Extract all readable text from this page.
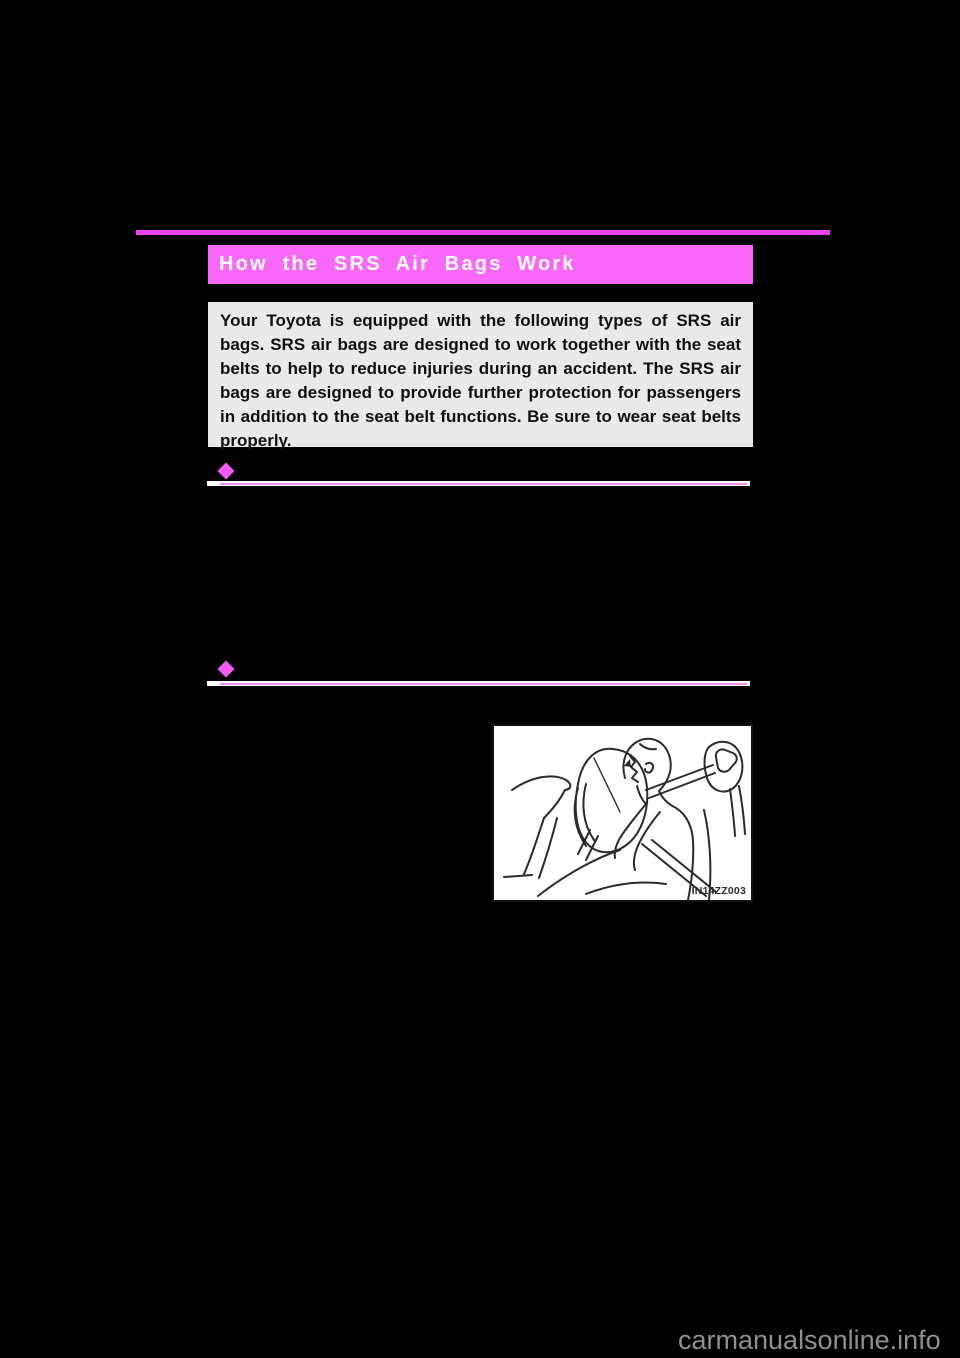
How the SRS Air Bags Work

Your Toyota is equipped with the following types of SRS air bags. SRS air bags are designed to work together with the seat belts to help to reduce injuries during an accident. The SRS air bags are designed to provide further protection for passengers in addition to the seat belt functions. Be sure to wear seat belts properly.

IN14ZZ003
carmanualsonline.info
